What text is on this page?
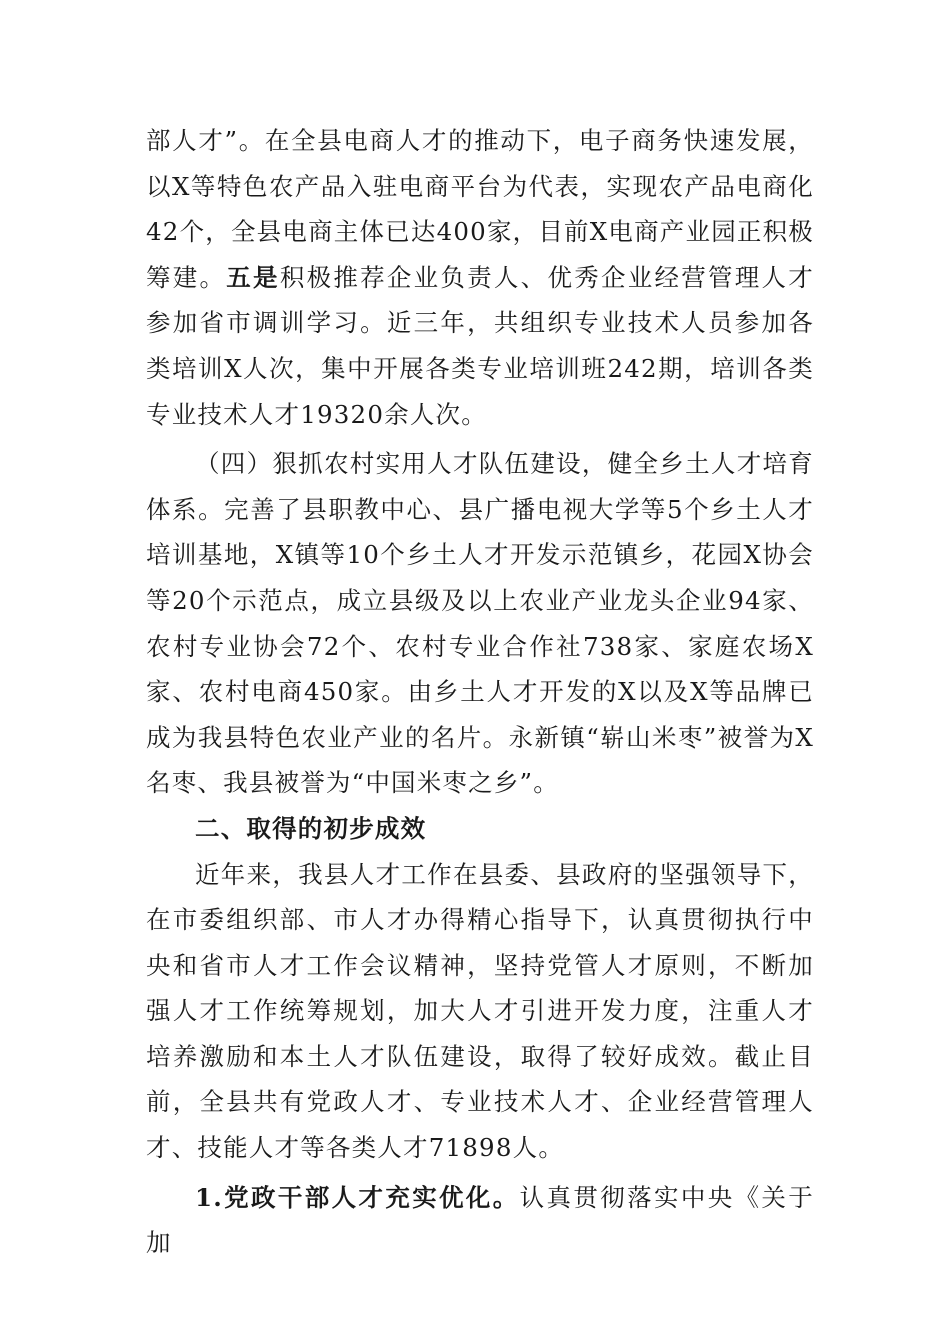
部人才”。在全县电商人才的推动下，电子商务快速发展，以X等特色农产品入驻电商平台为代表，实现农产品电商化42个，全县电商主体已达400家，目前X电商产业园正积极筹建。五是积极推荐企业负责人、优秀企业经营管理人才参加省市调训学习。近三年，共组织专业技术人员参加各类培训X人次，集中开展各类专业培训班242期，培训各类专业技术人才19320余人次。

（四）狠抓农村实用人才队伍建设，健全乡土人才培育体系。完善了县职教中心、县广播电视大学等5个乡土人才培训基地，X镇等10个乡土人才开发示范镇乡，花园X协会等20个示范点，成立县级及以上农业产业龙头企业94家、农村专业协会72个、农村专业合作社738家、家庭农场X家、农村电商450家。由乡土人才开发的X以及X等品牌已成为我县特色农业产业的名片。永新镇“崭山米枣”被誉为X名枣、我县被誉为“中国米枣之乡”。

二、取得的初步成效

近年来，我县人才工作在县委、县政府的坚强领导下，在市委组织部、市人才办得精心指导下，认真贯彻执行中央和省市人才工作会议精神，坚持党管人才原则，不断加强人才工作统筹规划，加大人才引进开发力度，注重人才培养激励和本土人才队伍建设，取得了较好成效。截止目前，全县共有党政人才、专业技术人才、企业经营管理人才、技能人才等各类人才71898人。

1.党政干部人才充实优化。认真贯彻落实中央《关于加
